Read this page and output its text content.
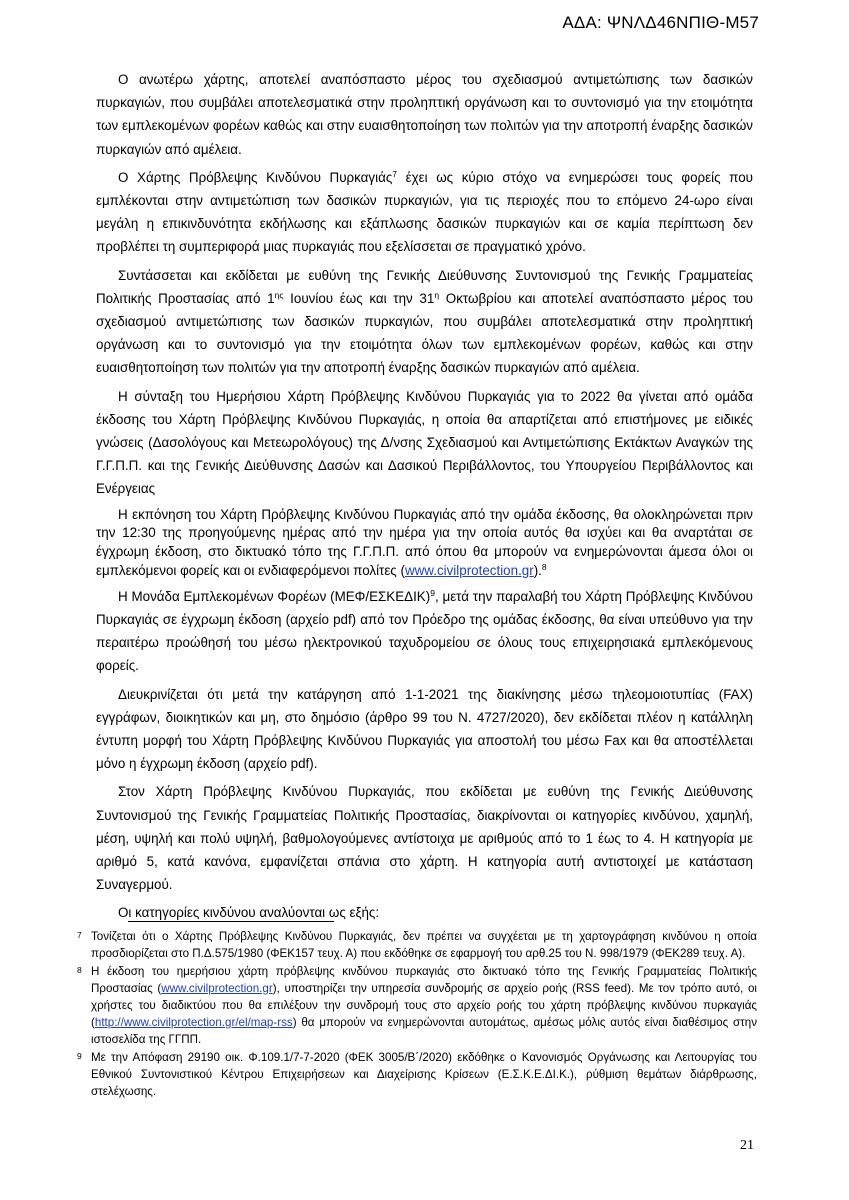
ΑΔΑ: ΨΝΛΔ46ΝΠΙΘ-Μ57

Ο ανωτέρω χάρτης, αποτελεί αναπόσπαστο μέρος του σχεδιασμού αντιμετώπισης των δασικών πυρκαγιών, που συμβάλει αποτελεσματικά στην προληπτική οργάνωση και το συντονισμό για την ετοιμότητα των εμπλεκομένων φορέων καθώς και στην ευαισθητοποίηση των πολιτών για την αποτροπή έναρξης δασικών πυρκαγιών από αμέλεια.

Ο Χάρτης Πρόβλεψης Κινδύνου Πυρκαγιάς$^7$ έχει ως κύριο στόχο να ενημερώσει τους φορείς που εμπλέκονται στην αντιμετώπιση των δασικών πυρκαγιών, για τις περιοχές που το επόμενο 24-ωρο είναι μεγάλη η επικινδυνότητα εκδήλωσης και εξάπλωσης δασικών πυρκαγιών και σε καμία περίπτωση δεν προβλέπει τη συμπεριφορά μιας πυρκαγιάς που εξελίσσεται σε πραγματικό χρόνο.

Συντάσσεται και εκδίδεται με ευθύνη της Γενικής Διεύθυνσης Συντονισμού της Γενικής Γραμματείας Πολιτικής Προστασίας από $1^{\eta\varsigma}$ Ιουνίου έως και την $31^\eta$ Οκτωβρίου και αποτελεί αναπόσπαστο μέρος του σχεδιασμού αντιμετώπισης των δασικών πυρκαγιών, που συμβάλει αποτελεσματικά στην προληπτική οργάνωση και το συντονισμό για την ετοιμότητα όλων των εμπλεκομένων φορέων, καθώς και στην ευαισθητοποίηση των πολιτών για την αποτροπή έναρξης δασικών πυρκαγιών από αμέλεια.

Η σύνταξη του Ημερήσιου Χάρτη Πρόβλεψης Κινδύνου Πυρκαγιάς για το 2022 θα γίνεται από ομάδα έκδοσης του Χάρτη Πρόβλεψης Κινδύνου Πυρκαγιάς, η οποία θα απαρτίζεται από επιστήμονες με ειδικές γνώσεις (Δασολόγους και Μετεωρολόγους) της Δ/νσης Σχεδιασμού και Αντιμετώπισης Εκτάκτων Αναγκών της Γ.Γ.Π.Π. και της Γενικής Διεύθυνσης Δασών και Δασικού Περιβάλλοντος, του Υπουργείου Περιβάλλοντος και Ενέργειας

Η εκπόνηση του Χάρτη Πρόβλεψης Κινδύνου Πυρκαγιάς από την ομάδα έκδοσης, θα ολοκληρώνεται πριν την 12:30 της προηγούμενης ημέρας από την ημέρα για την οποία αυτός θα ισχύει και θα αναρτάται σε έγχρωμη έκδοση, στο δικτυακό τόπο της Γ.Γ.Π.Π. από όπου θα μπορούν να ενημερώνονται άμεσα όλοι οι εμπλεκόμενοι φορείς και οι ενδιαφερόμενοι πολίτες (www.civilprotection.gr).$^8$

Η Μονάδα Εμπλεκομένων Φορέων $(ME\Phi/E\Sigma KE\Delta IK)^9$, μετά την παραλαβή του Χάρτη Πρόβλεψης Κινδύνου Πυρκαγιάς σε έγχρωμη έκδοση (αρχείο pdf) από τον Πρόεδρο της ομάδας έκδοσης, θα είναι υπεύθυνο για την περαιτέρω προώθησή του μέσω ηλεκτρονικού ταχυδρομείου σε όλους τους επιχειρησιακά εμπλεκόμενους φορείς.

Διευκρινίζεται ότι μετά την κατάργηση από 1-1-2021 της διακίνησης μέσω τηλεομοιοτυπίας (FAX) εγγράφων, διοικητικών και μη, στο δημόσιο (άρθρο 99 του Ν. 4727/2020), δεν εκδίδεται πλέον η κατάλληλη έντυπη μορφή του Χάρτη Πρόβλεψης Κινδύνου Πυρκαγιάς για αποστολή του μέσω Fax και θα αποστέλλεται μόνο η έγχρωμη έκδοση (αρχείο pdf).

Στον Χάρτη Πρόβλεψης Κινδύνου Πυρκαγιάς, που εκδίδεται με ευθύνη της Γενικής Διεύθυνσης Συντονισμού της Γενικής Γραμματείας Πολιτικής Προστασίας, διακρίνονται οι κατηγορίες κινδύνου, χαμηλή, μέση, υψηλή και πολύ υψηλή, βαθμολογούμενες αντίστοιχα με αριθμούς από το 1 έως το 4. Η κατηγορία με αριθμό 5, κατά κανόνα, εμφανίζεται σπάνια στο χάρτη. Η κατηγορία αυτή αντιστοιχεί με κατάσταση Συναγερμού.

Οι κατηγορίες κινδύνου αναλύονται ως εξής:

7 Τονίζεται ότι ο Χάρτης Πρόβλεψης Κινδύνου Πυρκαγιάς, δεν πρέπει να συγχέεται με τη χαρτογράφηση κινδύνου η οποία προσδιορίζεται στο Π.Δ.575/1980 (ΦΕΚ157 τευχ. Α) που εκδόθηκε σε εφαρμογή του αρθ.25 του Ν. 998/1979 (ΦΕΚ289 τευχ. Α).
8 Η έκδοση του ημερήσιου χάρτη πρόβλεψης κινδύνου πυρκαγιάς στο δικτυακό τόπο της Γενικής Γραμματείας Πολιτικής Προστασίας (www.civilprotection.gr), υποστηρίζει την υπηρεσία συνδρομής σε αρχείο ροής (RSS feed). Με τον τρόπο αυτό, οι χρήστες του διαδικτύου που θα επιλέξουν την συνδρομή τους στο αρχείο ροής του χάρτη πρόβλεψης κινδύνου πυρκαγιάς (http://www.civilprotection.gr/el/map-rss) θα μπορούν να ενημερώνονται αυτομάτως, αμέσως μόλις αυτός είναι διαθέσιμος στην ιστοσελίδα της ΓΓΠΠ.
9 Με την Απόφαση 29190 οικ. Φ.109.1/7-7-2020 (ΦΕΚ 3005/Β΄/2020) εκδόθηκε ο Κανονισμός Οργάνωσης και Λειτουργίας του Εθνικού Συντονιστικού Κέντρου Επιχειρήσεων και Διαχείρισης Κρίσεων (Ε.Σ.Κ.Ε.ΔΙ.Κ.), ρύθμιση θεμάτων διάρθρωσης, στελέχωσης.
21
